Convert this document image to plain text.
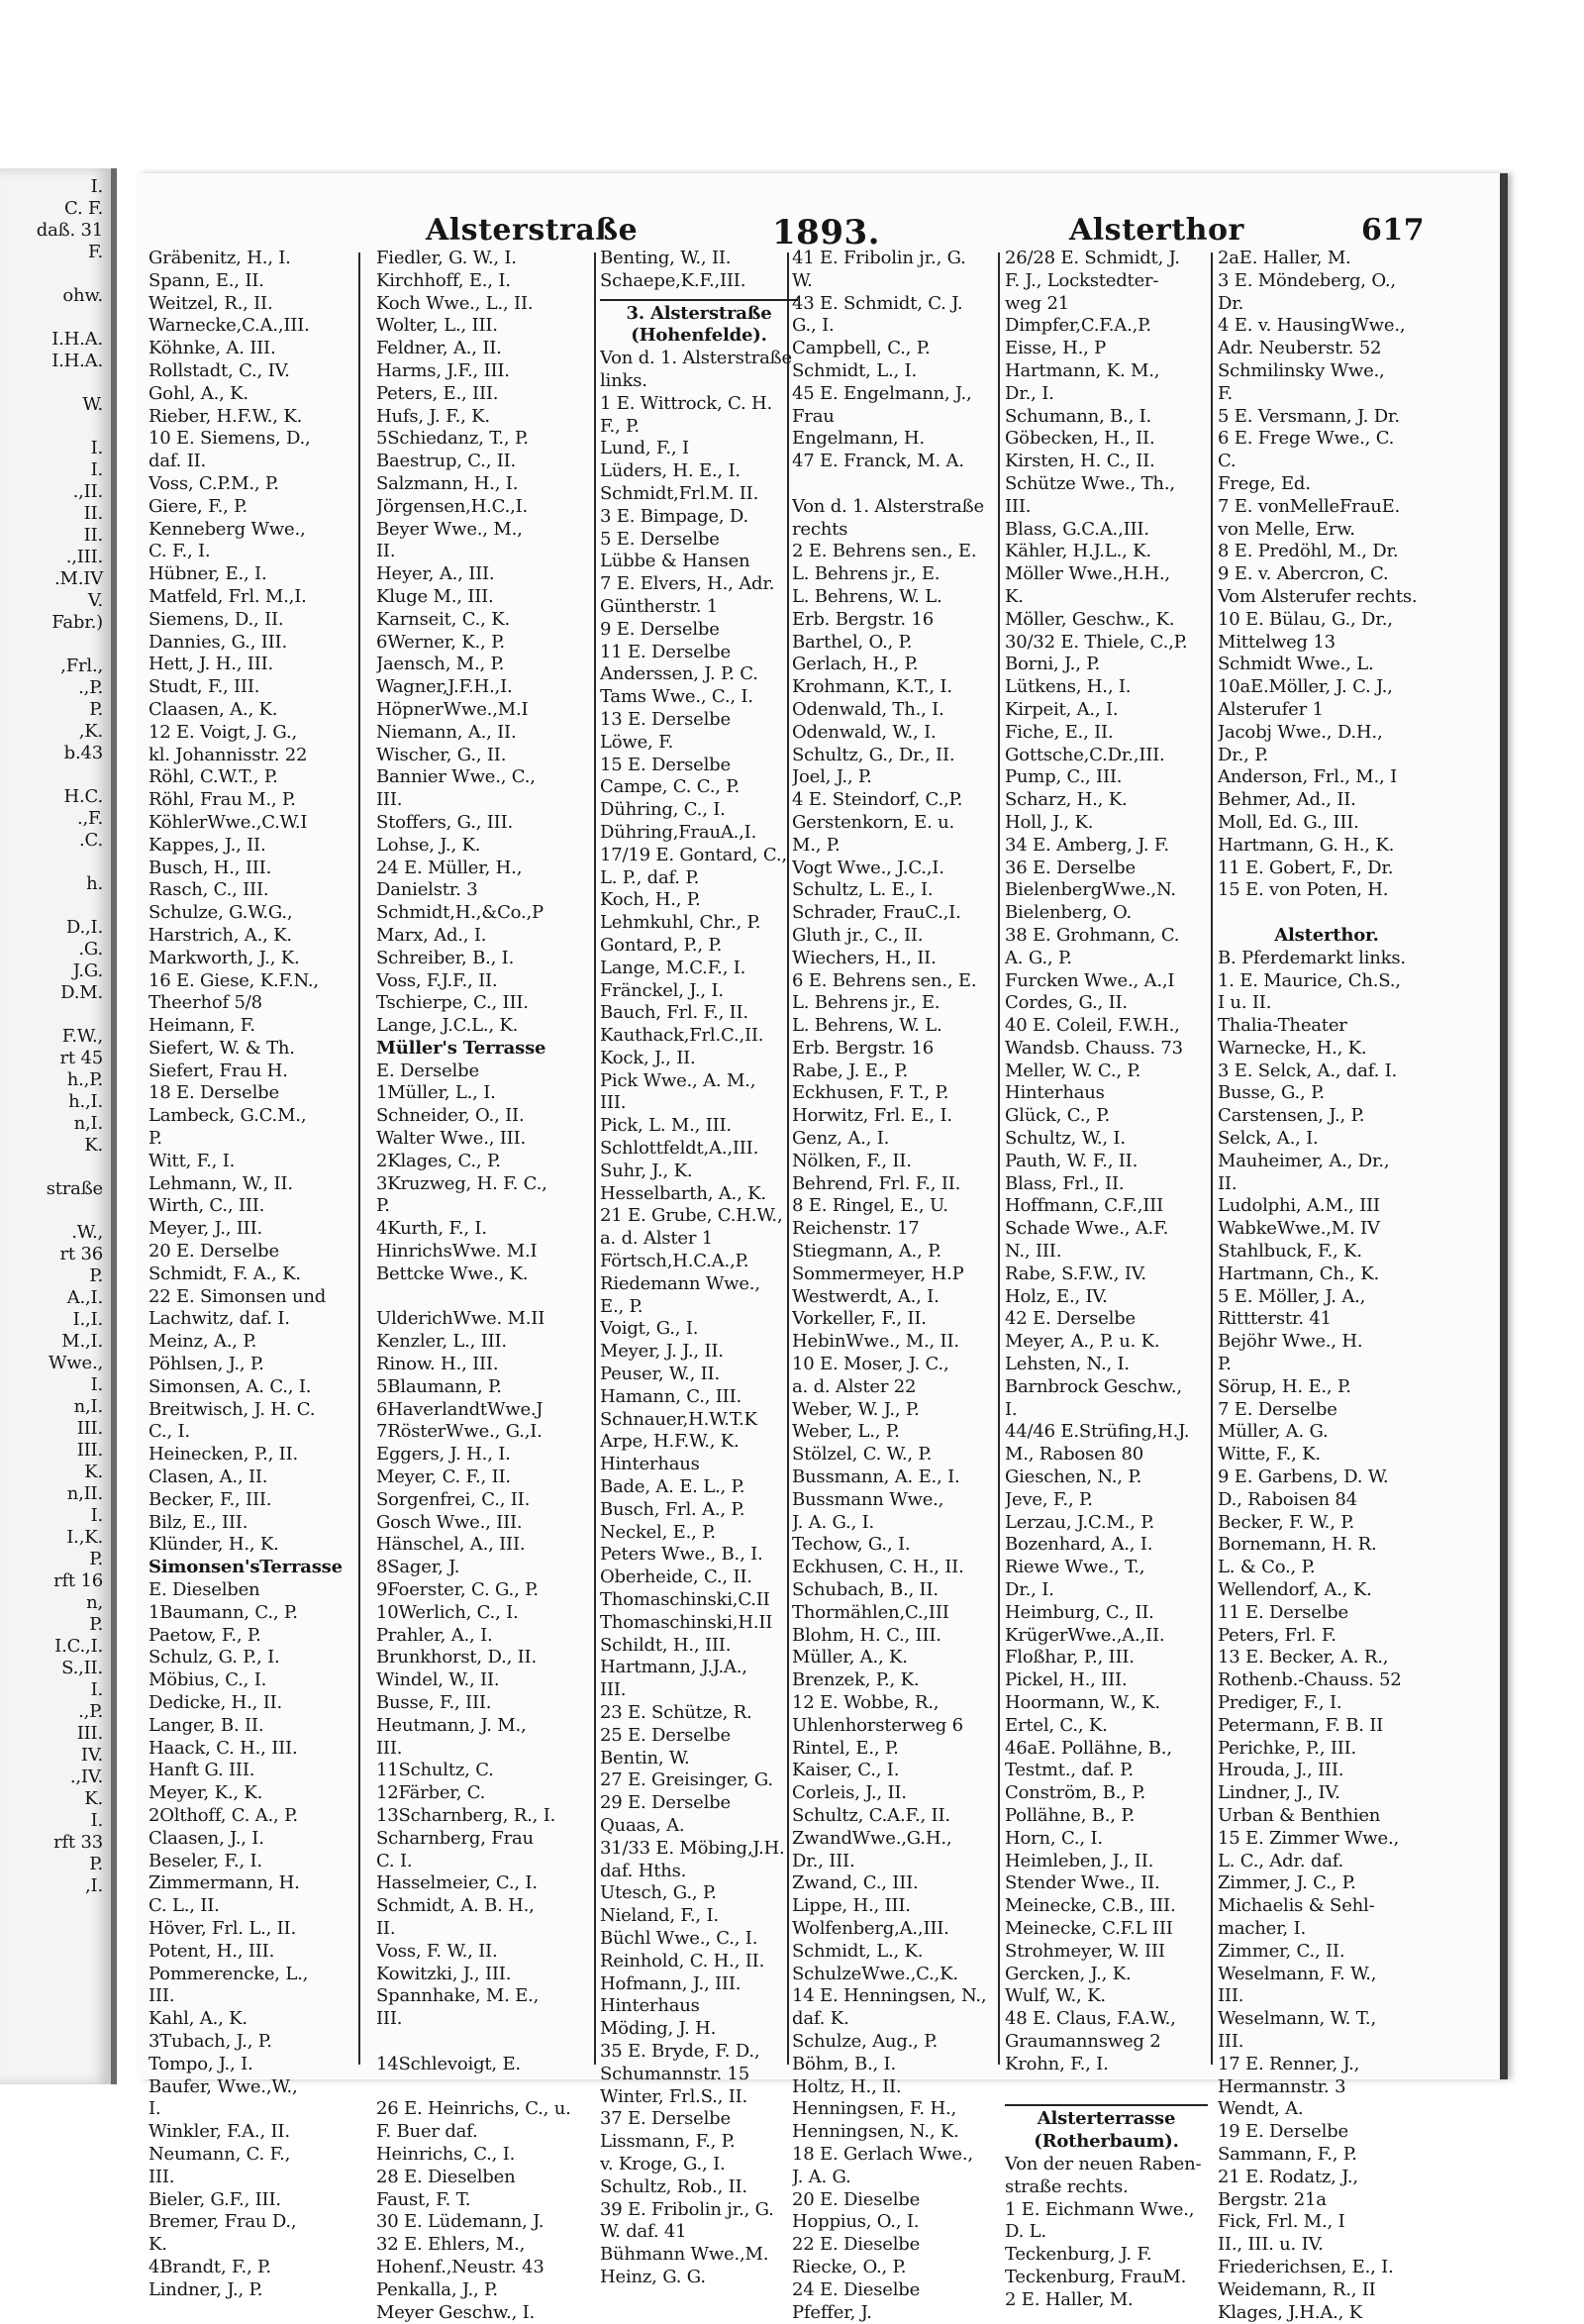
I.
C. F.
daß. 31
F.

ohw.

I.H.A.
I.H.A.

W.

I.
I.
.,II.
II.
II.
.,III.
.M.IV
V.
Fabr.)

,Frl.,
.,P.
P.
,K.
b.43

H.C.
.,F.
.C.

h.

D.,I.
.G.
J.G.
D.M.

F.W.,
rt 45
h.,P.
h.,I.
n,I.
K.

straße

.W.,
rt 36
P.
A.,I.
I.,I.
M.,I.
Wwe.,
I.
n,I.
III.
III.
K.
n,II.
I.
I.,K.
P.
rft 16
n,
P.
I.C.,I.
S.,II.
I.
.,P.
III.
IV.
.,IV.
K.
I.
rft 33
P.
,I.
Alsterstraße	1893.	Alsterthor	617
Gräbenitz, H., I.
Spann, E., II.
Weitzel, R., II.
Warnecke,C.A.,III.
Köhnke, A. III.
Rollstadt, C., IV.
Gohl, A., K.
Rieber, H.F.W., K.
10 E. Siemens, D.,
daf. II.
Voss, C.P.M., P.
Giere, F., P.
Kenneberg Wwe.,
C. F., I.
Hübner, E., I.
Matfeld, Frl. M.,I.
Siemens, D., II.
Dannies, G., III.
Hett, J. H., III.
Studt, F., III.
Claasen, A., K.
12 E. Voigt, J. G.,
kl. Johannisstr. 22
Röhl, C.W.T., P.
Röhl, Frau M., P.
KöhlerWwe.,C.W.I
Kappes, J., II.
Busch, H., III.
Rasch, C., III.
Schulze, G.W.G.,
Harstrich, A., K.
Markworth, J., K.
16 E. Giese, K.F.N.,
Theerhof 5/8
Heimann, F.
Siefert, W. & Th.
Siefert, Frau H.
18 E. Derselbe
Lambeck, G.C.M.,
P.
Witt, F., I.
Lehmann, W., II.
Wirth, C., III.
Meyer, J., III.
20 E. Derselbe
Schmidt, F. A., K.
22 E. Simonsen und
Lachwitz, daf. I.
Meinz, A., P.
Pöhlsen, J., P.
Simonsen, A. C., I.
Breitwisch, J. H. C.
C., I.
Heinecken, P., II.
Clasen, A., II.
Becker, F., III.
Bilz, E., III.
Klünder, H., K.
Simonsen'sTerrasse
E. Dieselben
1Baumann, C., P.
Paetow, F., P.
Schulz, G. P., I.
Möbius, C., I.
Dedicke, H., II.
Langer, B. II.
Haack, C. H., III.
Hanft G. III.
Meyer, K., K.
2Olthoff, C. A., P.
Claasen, J., I.
Beseler, F., I.
Zimmermann, H.
C. L., II.
Höver, Frl. L., II.
Potent, H., III.
Pommerencke, L.,
III.
Kahl, A., K.
3Tubach, J., P.
Tompo, J., I.
Baufer, Wwe.,W.,
I.
Winkler, F.A., II.
Neumann, C. F.,
III.
Bieler, G.F., III.
Bremer, Frau D.,
K.
4Brandt, F., P.
Lindner, J., P.
Fiedler, G. W., I.
Kirchhoff, E., I.
Koch Wwe., L., II.
Wolter, L., III.
Feldner, A., II.
Harms, J.F., III.
Peters, E., III.
Hufs, J. F., K.
5Schiedanz, T., P.
Baestrup, C., II.
Salzmann, H., I.
Jörgensen,H.C.,I.
Beyer Wwe., M.,
II.
Heyer, A., III.
Kluge M., III.
Karnseit, C., K.
6Werner, K., P.
Jaensch, M., P.
Wagner,J.F.H.,I.
HöpnerWwe.,M.I
Niemann, A., II.
Wischer, G., II.
Bannier Wwe., C.,
III.
Stoffers, G., III.
Lohse, J., K.
24 E. Müller, H.,
Danielstr. 3
Schmidt,H.,&Co.,P
Marx, Ad., I.
Schreiber, B., I.
Voss, F.J.F., II.
Tschierpe, C., III.
Lange, J.C.L., K.
Müller's Terrasse
E. Derselbe
1Müller, L., I.
Schneider, O., II.
Walter Wwe., III.
2Klages, C., P.
3Kruzweg, H. F. C.,
P.
4Kurth, F., I.
HinrichsWwe. M.I
Bettcke Wwe., K.

UlderichWwe. M.II
Kenzler, L., III.
Rinow. H., III.
5Blaumann, P.
6HaverlandtWwe.J
7RösterWwe., G.,I.
Eggers, J. H., I.
Meyer, C. F., II.
Sorgenfrei, C., II.
Gosch Wwe., III.
Hänschel, A., III.
8Sager, J.
9Foerster, C. G., P.
10Werlich, C., I.
Prahler, A., I.
Brunkhorst, D., II.
Windel, W., II.
Busse, F., III.
Heutmann, J. M.,
III.
11Schultz, C.
12Färber, C.
13Scharnberg, R., I.
Scharnberg, Frau
C. I.
Hasselmeier, C., I.
Schmidt, A. B. H.,
II.
Voss, F. W., II.
Kowitzki, J., III.
Spannhake, M. E.,
III.

14Schlevoigt, E.

26 E. Heinrichs, C., u.
F. Buer daf.
Heinrichs, C., I.
28 E. Dieselben
Faust, F. T.
30 E. Lüdemann, J.
32 E. Ehlers, M.,
Hohenf.,Neustr. 43
Penkalla, J., P.
Meyer Geschw., I.
Benting, W., II.
Schaepe,K.F.,III.
3. Alsterstraße
(Hohenfelde).
Von d. 1. Alsterstraße
links.
1 E. Wittrock, C. H.
F., P.
Lund, F., I
Lüders, H. E., I.
Schmidt,Frl.M. II.
3 E. Bimpage, D.
5 E. Derselbe
Lübbe & Hansen
7 E. Elvers, H., Adr.
Güntherstr. 1
9 E. Derselbe
11 E. Derselbe
Anderssen, J. P. C.
Tams Wwe., C., I.
13 E. Derselbe
Löwe, F.
15 E. Derselbe
Campe, C. C., P.
Dühring, C., I.
Dühring,FrauA.,I.
17/19 E. Gontard, C.,
L. P., daf. P.
Koch, H., P.
Lehmkuhl, Chr., P.
Gontard, P., P.
Lange, M.C.F., I.
Fränckel, J., I.
Bauch, Frl. F., II.
Kauthack,Frl.C.,II.
Kock, J., II.
Pick Wwe., A. M.,
III.
Pick, L. M., III.
Schlottfeldt,A.,III.
Suhr, J., K.
Hesselbarth, A., K.
21 E. Grube, C.H.W.,
a. d. Alster 1
Förtsch,H.C.A.,P.
Riedemann Wwe.,
E., P.
Voigt, G., I.
Meyer, J. J., II.
Peuser, W., II.
Hamann, C., III.
Schnauer,H.W.T.K
Arpe, H.F.W., K.
Hinterhaus
Bade, A. E. L., P.
Busch, Frl. A., P.
Neckel, E., P.
Peters Wwe., B., I.
Oberheide, C., II.
Thomaschinski,C.II
Thomaschinski,H.II
Schildt, H., III.
Hartmann, J.J.A.,
III.
23 E. Schütze, R.
25 E. Derselbe
Bentin, W.
27 E. Greisinger, G.
29 E. Derselbe
Quaas, A.
31/33 E. Möbing,J.H.
daf. Hths.
Utesch, G., P.
Nieland, F., I.
Büchl Wwe., C., I.
Reinhold, C. H., II.
Hofmann, J., III.
Hinterhaus
Möding, J. H.
35 E. Bryde, F. D.,
Schumannstr. 15
Winter, Frl.S., II.
37 E. Derselbe
Lissmann, F., P.
v. Kroge, G., I.
Schultz, Rob., II.
39 E. Fribolin jr., G.
W. daf. 41
Bühmann Wwe.,M.
Heinz, G. G.
41 E. Fribolin jr., G.
W.
43 E. Schmidt, C. J.
G., I.
Campbell, C., P.
Schmidt, L., I.
45 E. Engelmann, J.,
Frau
Engelmann, H.
47 E. Franck, M. A.

Von d. 1. Alsterstraße
rechts
2 E. Behrens sen., E.
L. Behrens jr., E.
L. Behrens, W. L.
Erb. Bergstr. 16
Barthel, O., P.
Gerlach, H., P.
Krohmann, K.T., I.
Odenwald, Th., I.
Odenwald, W., I.
Schultz, G., Dr., II.
Joel, J., P.
4 E. Steindorf, C.,P.
Gerstenkorn, E. u.
M., P.
Vogt Wwe., J.C.,I.
Schultz, L. E., I.
Schrader, FrauC.,I.
Gluth jr., C., II.
Wiechers, H., II.
6 E. Behrens sen., E.
L. Behrens jr., E.
L. Behrens, W. L.
Erb. Bergstr. 16
Rabe, J. E., P.
Eckhusen, F. T., P.
Horwitz, Frl. E., I.
Genz, A., I.
Nölken, F., II.
Behrend, Frl. F., II.
8 E. Ringel, E., U.
Reichenstr. 17
Stiegmann, A., P.
Sommermeyer, H.P
Westwerdt, A., I.
Vorkeller, F., II.
HebinWwe., M., II.
10 E. Moser, J. C.,
a. d. Alster 22
Weber, W. J., P.
Weber, L., P.
Stölzel, C. W., P.
Bussmann, A. E., I.
Bussmann Wwe.,
J. A. G., I.
Techow, G., I.
Eckhusen, C. H., II.
Schubach, B., II.
Thormählen,C.,III
Blohm, H. C., III.
Müller, A., K.
Brenzek, P., K.
12 E. Wobbe, R.,
Uhlenhorsterweg 6
Rintel, E., P.
Kaiser, C., I.
Corleis, J., II.
Schultz, C.A.F., II.
ZwandWwe.,G.H.,
Dr., III.
Zwand, C., III.
Lippe, H., III.
Wolfenberg,A.,III.
Schmidt, L., K.
SchulzeWwe.,C.,K.
14 E. Henningsen, N.,
daf. K.
Schulze, Aug., P.
Böhm, B., I.
Holtz, H., II.
Henningsen, F. H.,
Henningsen, N., K.
18 E. Gerlach Wwe.,
J. A. G.
20 E. Dieselbe
Hoppius, O., I.
22 E. Dieselbe
Riecke, O., P.
24 E. Dieselbe
Pfeffer, J.
26/28 E. Schmidt, J.
F. J., Lockstedter-
weg 21
Dimpfer,C.F.A.,P.
Eisse, H., P
Hartmann, K. M.,
Dr., I.
Schumann, B., I.
Göbecken, H., II.
Kirsten, H. C., II.
Schütze Wwe., Th.,
III.
Blass, G.C.A.,III.
Kähler, H.J.L., K.
Möller Wwe.,H.H.,
K.
Möller, Geschw., K.
30/32 E. Thiele, C.,P.
Borni, J., P.
Lütkens, H., I.
Kirpeit, A., I.
Fiche, E., II.
Gottsche,C.Dr.,III.
Pump, C., III.
Scharz, H., K.
Holl, J., K.
34 E. Amberg, J. F.
36 E. Derselbe
BielenbergWwe.,N.
Bielenberg, O.
38 E. Grohmann, C.
A. G., P.
Furcken Wwe., A.,I
Cordes, G., II.
40 E. Coleil, F.W.H.,
Wandsb. Chauss. 73
Meller, W. C., P.
Hinterhaus
Glück, C., P.
Schultz, W., I.
Pauth, W. F., II.
Blass, Frl., II.
Hoffmann, C.F.,III
Schade Wwe., A.F.
N., III.
Rabe, S.F.W., IV.
Holz, E., IV.
42 E. Derselbe
Meyer, A., P. u. K.
Lehsten, N., I.
Barnbrock Geschw.,
I.
44/46 E.Strüfing,H.J.
M., Rabosen 80
Gieschen, N., P.
Jeve, F., P.
Lerzau, J.C.M., P.
Bozenhard, A., I.
Riewe Wwe., T.,
Dr., I.
Heimburg, C., II.
KrügerWwe.,A.,II.
Floßhar, P., III.
Pickel, H., III.
Hoormann, W., K.
Ertel, C., K.
46aE. Pollähne, B.,
Testmt., daf. P.
Conström, B., P.
Pollähne, B., P.
Horn, C., I.
Heimleben, J., II.
Stender Wwe., II.
Meinecke, C.B., III.
Meinecke, C.F.L III
Strohmeyer, W. III
Gercken, J., K.
Wulf, W., K.
48 E. Claus, F.A.W.,
Graumannsweg 2
Krohn, F., I.

Alsterterrasse
(Rotherbaum).
Von der neuen Raben-
straße rechts.
1 E. Eichmann Wwe.,
D. L.
Teckenburg, J. F.
Teckenburg, FrauM.
2 E. Haller, M.
2aE. Haller, M.
3 E. Möndeberg, O.,
Dr.
4 E. v. HausingWwe.,
Adr. Neuberstr. 52
Schmilinsky Wwe.,
F.
5 E. Versmann, J. Dr.
6 E. Frege Wwe., C.
C.
Frege, Ed.
7 E. vonMelleFrauE.
von Melle, Erw.
8 E. Predöhl, M., Dr.
9 E. v. Abercron, C.
Vom Alsterufer rechts.
10 E. Bülau, G., Dr.,
Mittelweg 13
Schmidt Wwe., L.
10aE.Möller, J. C. J.,
Alsterufer 1
Jacobj Wwe., D.H.,
Dr., P.
Anderson, Frl., M., I
Behmer, Ad., II.
Moll, Ed. G., III.
Hartmann, G. H., K.
11 E. Gobert, F., Dr.
15 E. von Poten, H.

Alsterthor.
B. Pferdemarkt links.
1. E. Maurice, Ch.S.,
I u. II.
Thalia-Theater
Warnecke, H., K.
3 E. Selck, A., daf. I.
Busse, G., P.
Carstensen, J., P.
Selck, A., I.
Mauheimer, A., Dr.,
II.
Ludolphi, A.M., III
WabkeWwe.,M. IV
Stahlbuck, F., K.
Hartmann, Ch., K.
5 E. Möller, J. A.,
Rittterstr. 41
Bejöhr Wwe., H.
P.
Sörup, H. E., P.
7 E. Derselbe
Müller, A. G.
Witte, F., K.
9 E. Garbens, D. W.
D., Raboisen 84
Becker, F. W., P.
Bornemann, H. R.
L. & Co., P.
Wellendorf, A., K.
11 E. Derselbe
Peters, Frl. F.
13 E. Becker, A. R.,
Rothenb.-Chauss. 52
Prediger, F., I.
Petermann, F. B. II
Perichke, P., III.
Hrouda, J., III.
Lindner, J., IV.
Urban & Benthien
15 E. Zimmer Wwe.,
L. C., Adr. daf.
Zimmer, J. C., P.
Michaelis & Sehl-
macher, I.
Zimmer, C., II.
Weselmann, F. W.,
III.
Weselmann, W. T.,
III.
17 E. Renner, J.,
Hermannstr. 3
Wendt, A.
19 E. Derselbe
Sammann, F., P.
21 E. Rodatz, J.,
Bergstr. 21a
Fick, Frl. M., I
II., III. u. IV.
Friederichsen, E., I.
Weidemann, R., II
Klages, J.H.A., K
